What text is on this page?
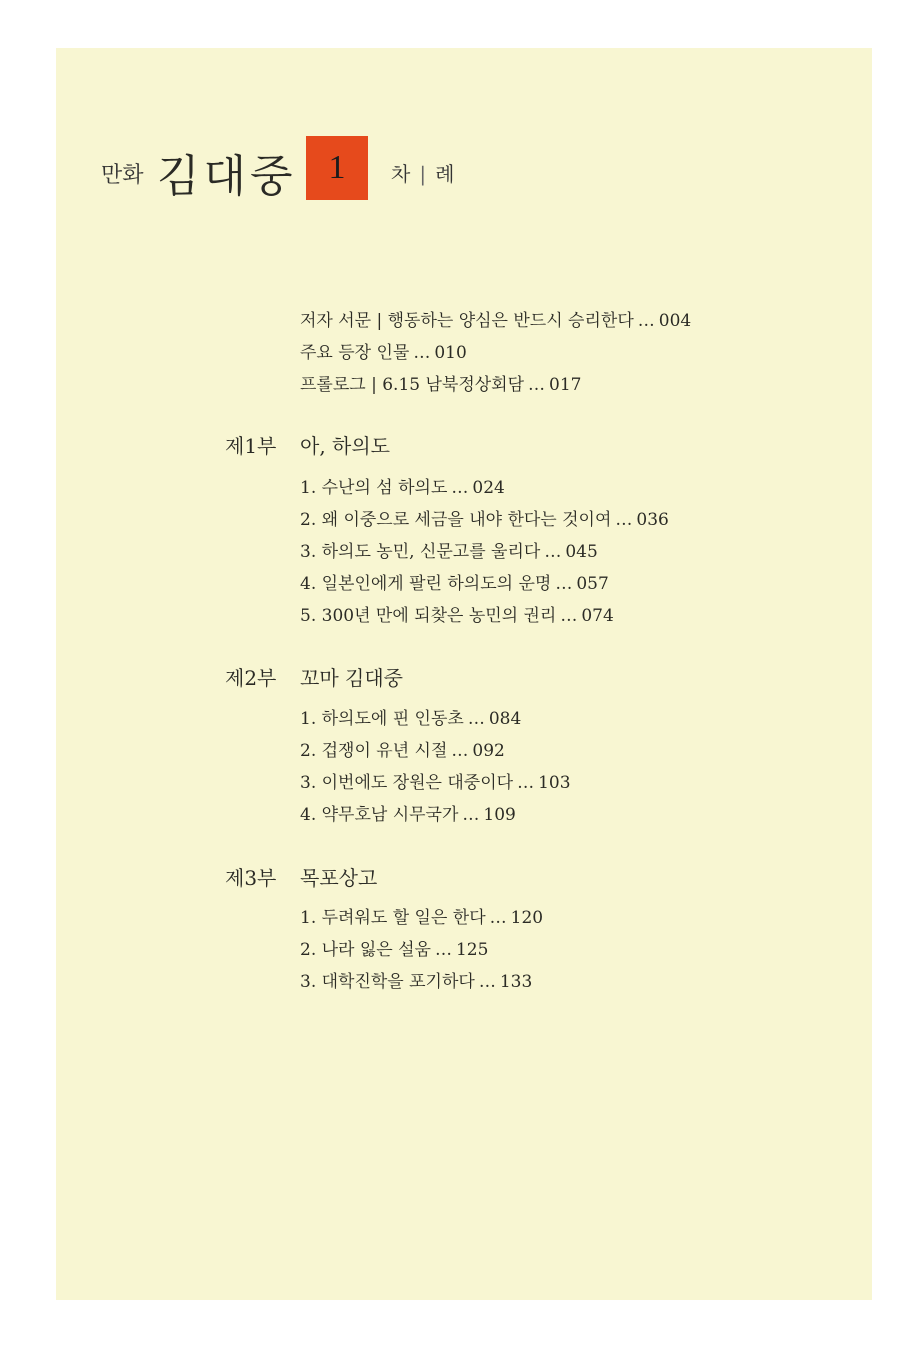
만화 김대중 1 차 | 례
저자 서문 | 행동하는 양심은 반드시 승리한다 … 004
주요 등장 인물 … 010
프롤로그 | 6.15 남북정상회담 … 017
제1부 아, 하의도
1. 수난의 섬 하의도 … 024
2. 왜 이중으로 세금을 내야 한다는 것이여 … 036
3. 하의도 농민, 신문고를 울리다 … 045
4. 일본인에게 팔린 하의도의 운명 … 057
5. 300년 만에 되찾은 농민의 권리 … 074
제2부 꼬마 김대중
1. 하의도에 핀 인동초 … 084
2. 겁쟁이 유년 시절 … 092
3. 이번에도 장원은 대중이다 … 103
4. 약무호남 시무국가 … 109
제3부 목포상고
1. 두려워도 할 일은 한다 … 120
2. 나라 잃은 설움 … 125
3. 대학진학을 포기하다 … 133
